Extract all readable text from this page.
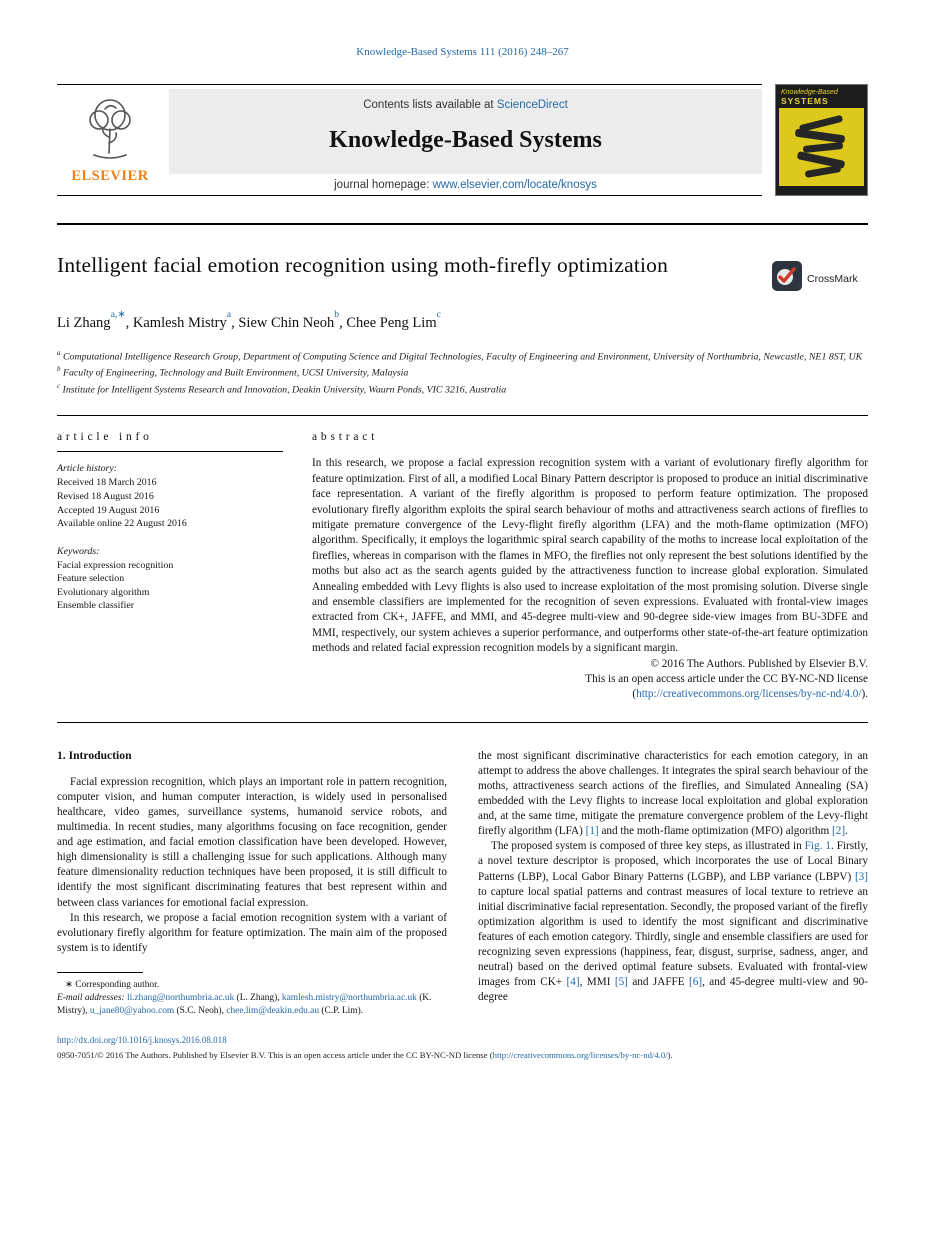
Knowledge-Based Systems 111 (2016) 248–267
ELSEVIER
Contents lists available at ScienceDirect
Knowledge-Based Systems
journal homepage: www.elsevier.com/locate/knosys
Knowledge-Based
SYSTEMS
Intelligent facial emotion recognition using moth-firefly optimization
CrossMark
Li Zhang$^{a,∗}$, Kamlesh Mistry$^a$, Siew Chin Neoh$^b$, Chee Peng Lim$^c$
$^a$ Computational Intelligence Research Group, Department of Computing Science and Digital Technologies, Faculty of Engineering and Environment, University of Northumbria, Newcastle, NE1 8ST, UK
$^b$ Faculty of Engineering, Technology and Built Environment, UCSI University, Malaysia
$^c$ Institute for Intelligent Systems Research and Innovation, Deakin University, Waurn Ponds, VIC 3216, Australia
article info
Article history:
Received 18 March 2016
Revised 18 August 2016
Accepted 19 August 2016
Available online 22 August 2016
Keywords:
Facial expression recognition
Feature selection
Evolutionary algorithm
Ensemble classifier
abstract
In this research, we propose a facial expression recognition system with a variant of evolutionary firefly algorithm for feature optimization. First of all, a modified Local Binary Pattern descriptor is proposed to produce an initial discriminative face representation. A variant of the firefly algorithm is proposed to perform feature optimization. The proposed evolutionary firefly algorithm exploits the spiral search behaviour of moths and attractiveness search actions of fireflies to mitigate premature convergence of the Levy-flight firefly algorithm (LFA) and the moth-flame optimization (MFO) algorithm. Specifically, it employs the logarithmic spiral search capability of the moths to increase local exploitation of the fireflies, whereas in comparison with the flames in MFO, the fireflies not only represent the best solutions identified by the moths but also act as the search agents guided by the attractiveness function to increase global exploration. Simulated Annealing embedded with Levy flights is also used to increase exploitation of the most promising solution. Diverse single and ensemble classifiers are implemented for the recognition of seven expressions. Evaluated with frontal-view images extracted from CK+, JAFFE, and MMI, and 45-degree multi-view and 90-degree side-view images from BU-3DFE and MMI, respectively, our system achieves a superior performance, and outperforms other state-of-the-art feature optimization methods and related facial expression recognition models by a significant margin.
© 2016 The Authors. Published by Elsevier B.V.
This is an open access article under the CC BY-NC-ND license
(http://creativecommons.org/licenses/by-nc-nd/4.0/).
1. Introduction

Facial expression recognition, which plays an important role in pattern recognition, computer vision, and human computer interaction, is widely used in personalised healthcare, video games, surveillance systems, humanoid service robots, and multimedia. In recent studies, many algorithms focusing on face recognition, gender and age estimation, and facial emotion classification have been developed. However, high dimensionality is still a challenging issue for such applications. Although many feature dimensionality reduction techniques have been proposed, it is still difficult to identify the most significant discriminating features that best represent within and between class variances for emotional facial expression.

In this research, we propose a facial emotion recognition system with a variant of evolutionary firefly algorithm for feature optimization. The main aim of the proposed system is to identify

∗ Corresponding author.
E-mail addresses: li.zhang@northumbria.ac.uk (L. Zhang), kamlesh.mistry@northumbria.ac.uk (K. Mistry), u_jane80@yahoo.com (S.C. Neoh), chee.lim@deakin.edu.au (C.P. Lim).

the most significant discriminative characteristics for each emotion category, in an attempt to address the above challenges. It integrates the spiral search behaviour of the moths, attractiveness search actions of the fireflies, and Simulated Annealing (SA) embedded with the Levy flights to increase local exploitation and global exploration and, at the same time, mitigate the premature convergence problem of the Levy-flight firefly algorithm (LFA) [1] and the moth-flame optimization (MFO) algorithm [2].

The proposed system is composed of three key steps, as illustrated in Fig. 1. Firstly, a novel texture descriptor is proposed, which incorporates the use of Local Binary Patterns (LBP), Local Gabor Binary Patterns (LGBP), and LBP variance (LBPV) [3] to capture local spatial patterns and contrast measures of local texture to retrieve an initial discriminative facial representation. Secondly, the proposed variant of the firefly optimization algorithm is used to identify the most significant and discriminative features of each emotion category. Thirdly, single and ensemble classifiers are used for recognizing seven expressions (happiness, fear, disgust, surprise, sadness, anger, and neutral) based on the derived optimal feature subsets. Evaluated with frontal-view images from CK+ [4], MMI [5] and JAFFE [6], and 45-degree multi-view and 90-degree

http://dx.doi.org/10.1016/j.knosys.2016.08.018
0950-7051/© 2016 The Authors. Published by Elsevier B.V. This is an open access article under the CC BY-NC-ND license (http://creativecommons.org/licenses/by-nc-nd/4.0/).
